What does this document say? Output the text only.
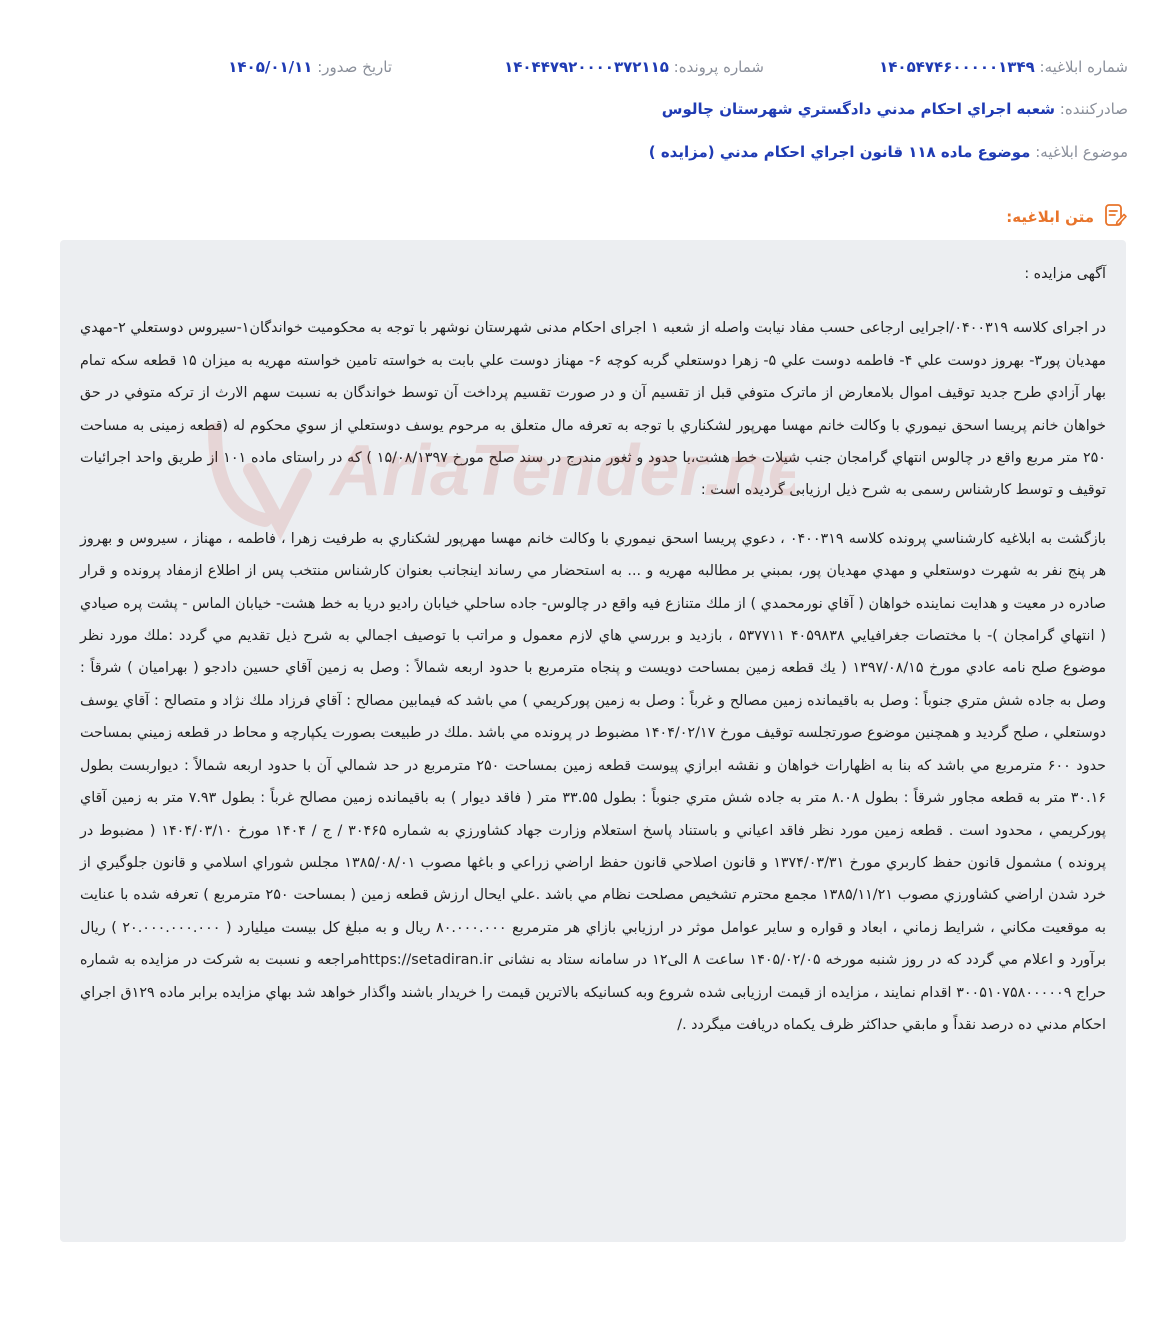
شماره ابلاغيه: ۱۴۰۵۴۷۴۶۰۰۰۰۰۱۳۴۹
شماره پرونده: ۱۴۰۴۴۷۹۲۰۰۰۰۳۷۲۱۱۵
تاريخ صدور: ۱۴۰۵/۰۱/۱۱
صادرکننده: شعبه اجراي احكام مدني دادگستري شهرستان چالوس
موضوع ابلاغيه: موضوع ماده ۱۱۸ قانون اجراي احکام مدني (مزايده )
متن ابلاغیه:

آگهی مزایده :

در اجرای کلاسه ۰۴۰۰۳۱۹/اجرایی ارجاعی حسب مفاد نیابت واصله از شعبه ۱ اجرای احکام مدنی شهرستان نوشهر با توجه به محکومیت خواندگان۱-سیروس دوستعلي ۲-مهدي مهديان پور۳- بهروز دوست علي ۴- فاطمه دوست علي ۵- زهرا دوستعلي گربه کوچه ۶- مهناز دوست علي بابت به خواسته تامين خواسته مهريه به ميزان ۱۵ قطعه سکه تمام بهار آزادي طرح جديد توقيف اموال بلامعارض از ماترک متوفي قبل از تقسيم آن و در صورت تقسيم پرداخت آن توسط خواندگان به نسبت سهم الارث از ترکه متوفي در حق خواهان خانم پريسا اسحق نيموري با وکالت خانم مهسا مهرپور لشکناري با توجه به تعرفه مال متعلق به مرحوم يوسف دوستعلي از سوي محکوم له (قطعه زمینی به مساحت ۲۵۰ متر مربع واقع در چالوس انتهاي گرامجان جنب شيلات خط هشت،با حدود و ثغور مندرج در سند صلح مورخ ۱۵/۰۸/۱۳۹۷ ) که در راستای ماده ۱۰۱ از طریق واحد اجرائیات توقیف و توسط کارشناس رسمی به شرح ذیل ارزیابی گردیده است :

بازگشت به ابلاغيه كارشناسي پرونده كلاسه ۰۴۰۰۳۱۹ ، دعوي پريسا اسحق نيموري با وكالت خانم مهسا مهرپور لشكناري به طرفيت زهرا ، فاطمه ، مهناز ، سيروس و بهروز هر پنج نفر به شهرت دوستعلي و مهدي مهديان پور، بمبني بر مطالبه مهريه و ... به استحضار مي رساند اينجانب بعنوان كارشناس منتخب پس از اطلاع ازمفاد پرونده و قرار صادره در معيت و هدايت نماينده خواهان ( آقاي نورمحمدي ) از ملك متنازع فيه واقع در چالوس- جاده ساحلي خيابان راديو دريا به خط هشت- خيابان الماس - پشت پره صيادي ( انتهاي گرامجان )- با مختصات جغرافيايي ۴۰۵۹۸۳۸ ۵۳۷۷۱۱ ، بازديد و بررسي هاي لازم معمول و مراتب با توصيف اجمالي به شرح ذيل تقديم مي گردد :ملك مورد نظر موضوع صلح نامه عادي مورخ ۱۳۹۷/۰۸/۱۵ ( يك قطعه زمين بمساحت دويست و پنجاه مترمربع با حدود اربعه شمالاً : وصل به زمين آقاي حسين دادجو ( بهراميان ) شرقاً : وصل به جاده شش متري جنوباً : وصل به باقيمانده زمين مصالح و غرباً : وصل به زمين پوركريمي ) مي باشد كه فيمابين مصالح : آقاي فرزاد ملك نژاد و متصالح : آقاي يوسف دوستعلي ، صلح گرديد و همچنين موضوع صورتجلسه توقيف مورخ ۱۴۰۴/۰۲/۱۷ مضبوط در پرونده مي باشد .ملك در طبيعت بصورت يكپارچه و محاط در قطعه زميني بمساحت حدود ۶۰۰ مترمربع مي باشد كه بنا به اظهارات خواهان و نقشه ابرازي پيوست قطعه زمين بمساحت ۲۵۰ مترمربع در حد شمالي آن با حدود اربعه شمالاً : ديواربست بطول ۳۰.۱۶ متر به قطعه مجاور شرقاً : بطول ۸.۰۸ متر به جاده شش متري جنوباً : بطول ۳۳.۵۵ متر ( فاقد ديوار ) به باقيمانده زمين مصالح غرباً : بطول ۷.۹۳ متر به زمين آقاي پوركريمي ، محدود است . قطعه زمين مورد نظر فاقد اعياني و باستناد پاسخ استعلام وزارت جهاد كشاورزي به شماره ۳۰۴۶۵ / ج / ۱۴۰۴ مورخ ۱۴۰۴/۰۳/۱۰ ( مضبوط در پرونده ) مشمول قانون حفظ كاربري مورخ ۱۳۷۴/۰۳/۳۱ و قانون اصلاحي قانون حفظ اراضي زراعي و باغها مصوب ۱۳۸۵/۰۸/۰۱ مجلس شوراي اسلامي و قانون جلوگيري از خرد شدن اراضي كشاورزي مصوب ۱۳۸۵/۱۱/۲۱ مجمع محترم تشخيص مصلحت نظام مي باشد .علي ايحال ارزش قطعه زمين ( بمساحت ۲۵۰ مترمربع ) تعرفه شده با عنايت به موقعيت مكاني ، شرايط زماني ، ابعاد و قواره و ساير عوامل موثر در ارزيابي بازاي هر مترمربع ۸۰.۰۰۰.۰۰۰ ريال و به مبلغ كل بيست ميليارد ( ۲۰.۰۰۰.۰۰۰.۰۰۰ ) ريال برآورد و اعلام مي گردد که در روز شنبه مورخه ۱۴۰۵/۰۲/۰۵ ساعت ۸ الی۱۲ در سامانه ستاد به نشانی https://setadiran.irمراجعه و نسبت به شرکت در مزایده به شماره حراج ۳۰۰۵۱۰۷۵۸۰۰۰۰۰۹ اقدام نمایند ، مزایده از قیمت ارزیابی شده شروع وبه کسانیکه بالاترین قیمت را خریدار باشند واگذار خواهد شد بهاي مزايده برابر ماده ۱۲۹ق اجراي احكام مدني ده درصد نقداً و مابقي حداكثر ظرف يكماه دريافت ميگردد ./
